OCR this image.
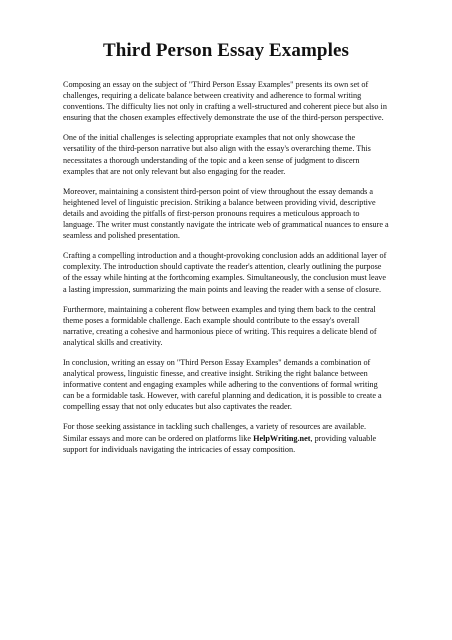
Third Person Essay Examples

Composing an essay on the subject of "Third Person Essay Examples" presents its own set of challenges, requiring a delicate balance between creativity and adherence to formal writing conventions. The difficulty lies not only in crafting a well-structured and coherent piece but also in ensuring that the chosen examples effectively demonstrate the use of the third-person perspective.

One of the initial challenges is selecting appropriate examples that not only showcase the versatility of the third-person narrative but also align with the essay's overarching theme. This necessitates a thorough understanding of the topic and a keen sense of judgment to discern examples that are not only relevant but also engaging for the reader.

Moreover, maintaining a consistent third-person point of view throughout the essay demands a heightened level of linguistic precision. Striking a balance between providing vivid, descriptive details and avoiding the pitfalls of first-person pronouns requires a meticulous approach to language. The writer must constantly navigate the intricate web of grammatical nuances to ensure a seamless and polished presentation.

Crafting a compelling introduction and a thought-provoking conclusion adds an additional layer of complexity. The introduction should captivate the reader's attention, clearly outlining the purpose of the essay while hinting at the forthcoming examples. Simultaneously, the conclusion must leave a lasting impression, summarizing the main points and leaving the reader with a sense of closure.

Furthermore, maintaining a coherent flow between examples and tying them back to the central theme poses a formidable challenge. Each example should contribute to the essay's overall narrative, creating a cohesive and harmonious piece of writing. This requires a delicate blend of analytical skills and creativity.

In conclusion, writing an essay on "Third Person Essay Examples" demands a combination of analytical prowess, linguistic finesse, and creative insight. Striking the right balance between informative content and engaging examples while adhering to the conventions of formal writing can be a formidable task. However, with careful planning and dedication, it is possible to create a compelling essay that not only educates but also captivates the reader.

For those seeking assistance in tackling such challenges, a variety of resources are available. Similar essays and more can be ordered on platforms like HelpWriting.net, providing valuable support for individuals navigating the intricacies of essay composition.
